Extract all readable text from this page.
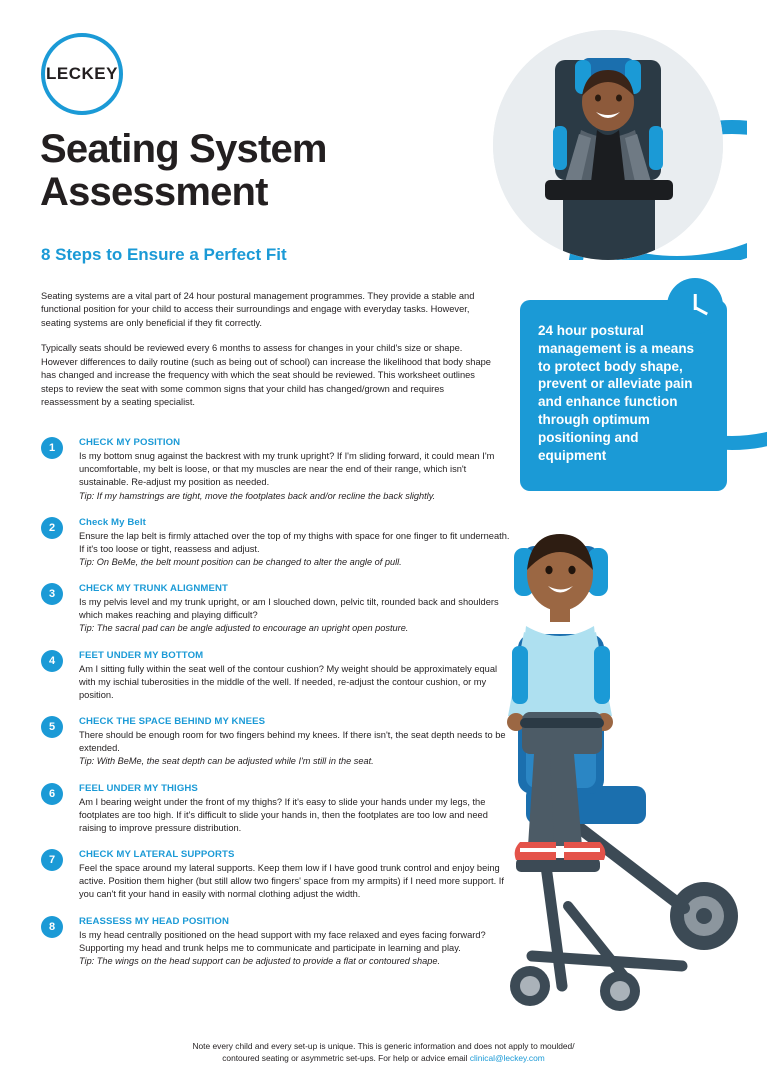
LECKEY
Seating System
Assessment
8 Steps to Ensure a Perfect Fit

Seating systems are a vital part of 24 hour postural management programmes. They provide a stable and functional position for your child to access their surroundings and engage with everyday tasks. However, seating systems are only beneficial if they fit correctly.

Typically seats should be reviewed every 6 months to assess for changes in your child's size or shape. However differences to daily routine (such as being out of school) can increase the likelihood that body shape has changed and increase the frequency with which the seat should be reviewed. This worksheet outlines steps to review the seat with some common signs that your child has changed/grown and requires reassessment by a seating specialist.

24 hour postural management is a means to protect body shape, prevent or alleviate pain and enhance function through optimum positioning and equipment
1	CHECK MY POSITION
Is my bottom snug against the backrest with my trunk upright? If I'm sliding forward, it could mean I'm uncomfortable, my belt is loose, or that my muscles are near the end of their range, which isn't sustainable. Re-adjust my position as needed.
Tip: If my hamstrings are tight, move the footplates back and/or recline the back slightly.
2	Check My Belt
Ensure the lap belt is firmly attached over the top of my thighs with space for one finger to fit underneath. If it's too loose or tight, reassess and adjust.
Tip: On BeMe, the belt mount position can be changed to alter the angle of pull.
3	CHECK MY TRUNK ALIGNMENT
Is my pelvis level and my trunk upright, or am I slouched down, pelvic tilt, rounded back and shoulders which makes reaching and playing difficult?
Tip: The sacral pad can be angle adjusted to encourage an upright open posture.
4	FEET UNDER MY BOTTOM
Am I sitting fully within the seat well of the contour cushion? My weight should be approximately equal with my ischial tuberosities in the middle of the well. If needed, re-adjust the contour cushion, or my position.
5	CHECK THE SPACE BEHIND MY KNEES
There should be enough room for two fingers behind my knees. If there isn't, the seat depth needs to be extended.
Tip: With BeMe, the seat depth can be adjusted while I'm still in the seat.
6	FEEL UNDER MY THIGHS
Am I bearing weight under the front of my thighs? If it's easy to slide your hands under my legs, the footplates are too high. If it's difficult to slide your hands in, then the footplates are too low and need raising to improve pressure distribution.
7	CHECK MY LATERAL SUPPORTS
Feel the space around my lateral supports. Keep them low if I have good trunk control and enjoy being active. Position them higher (but still allow two fingers' space from my armpits) if I need more support. If you can't fit your hand in easily with normal clothing adjust the width.
8	REASSESS MY HEAD POSITION
Is my head centrally positioned on the head support with my face relaxed and eyes facing forward? Supporting my head and trunk helps me to communicate and participate in learning and play.
Tip: The wings on the head support can be adjusted to provide a flat or contoured shape.
Note every child and every set-up is unique. This is generic information and does not apply to moulded/
contoured seating or asymmetric set-ups. For help or advice email clinical@leckey.com
